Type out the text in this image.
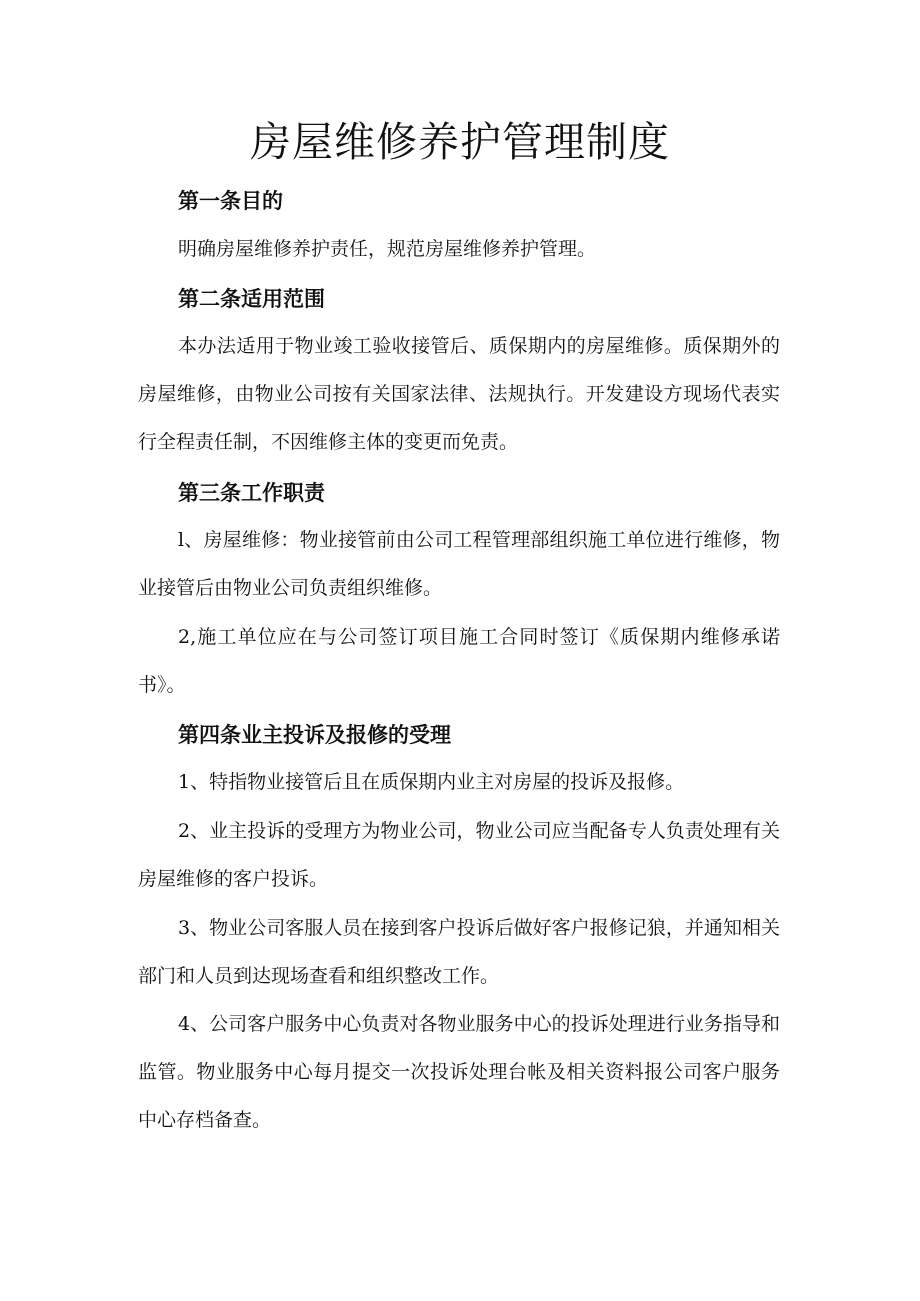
房屋维修养护管理制度
第一条目的

明确房屋维修养护责任，规范房屋维修养护管理。

第二条适用范围

本办法适用于物业竣工验收接管后、质保期内的房屋维修。质保期外的房屋维修，由物业公司按有关国家法律、法规执行。开发建设方现场代表实行全程责任制，不因维修主体的变更而免责。

第三条工作职责

l、房屋维修：物业接管前由公司工程管理部组织施工单位进行维修，物业接管后由物业公司负责组织维修。

2,施工单位应在与公司签订项目施工合同时签订《质保期内维修承诺书》。

第四条业主投诉及报修的受理

1、特指物业接管后且在质保期内业主对房屋的投诉及报修。

2、业主投诉的受理方为物业公司，物业公司应当配备专人负责处理有关房屋维修的客户投诉。

3、物业公司客服人员在接到客户投诉后做好客户报修记狼，并通知相关部门和人员到达现场查看和组织整改工作。

4、公司客户服务中心负责对各物业服务中心的投诉处理进行业务指导和监管。物业服务中心每月提交一次投诉处理台帐及相关资料报公司客户服务中心存档备查。
